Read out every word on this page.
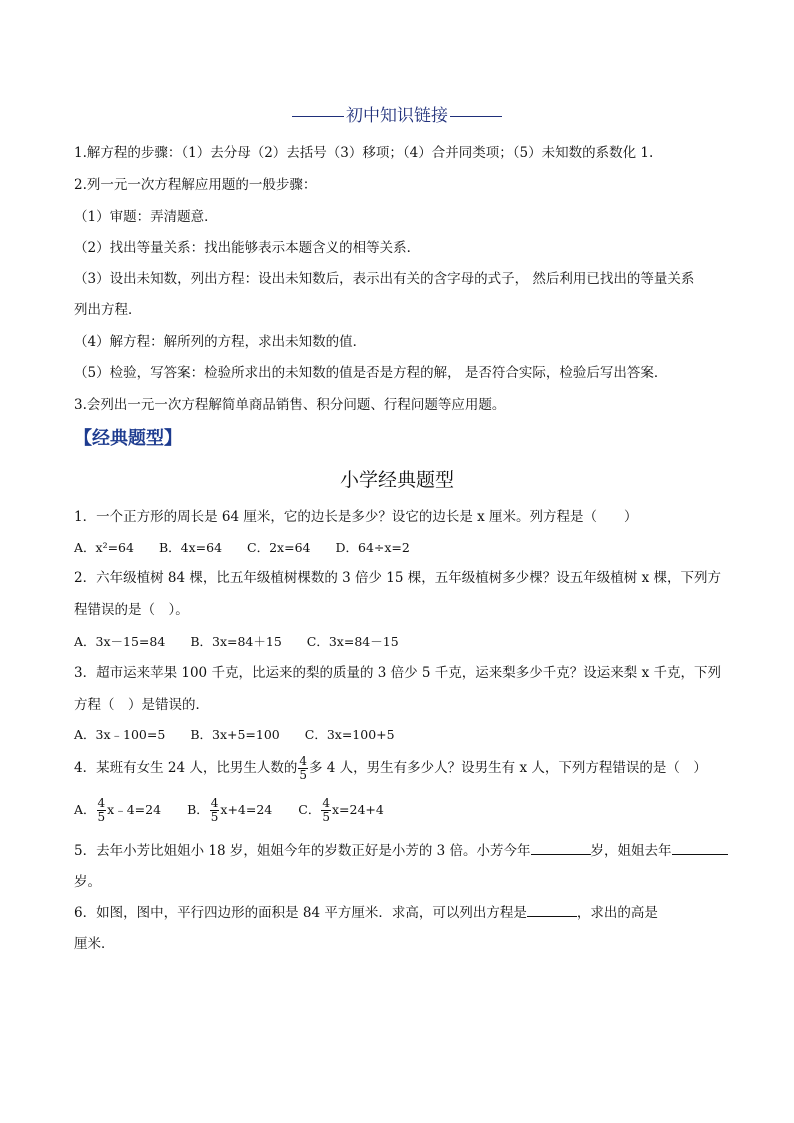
初中知识链接
1.解方程的步骤：（1）去分母（2）去括号（3）移项；（4）合并同类项；（5）未知数的系数化 1.
2.列一元一次方程解应用题的一般步骤：
（1）审题：弄清题意．
（2）找出等量关系：找出能够表示本题含义的相等关系．
（3）设出未知数，列出方程：设出未知数后，表示出有关的含字母的式子， 然后利用已找出的等量关系
列出方程．
（4）解方程：解所列的方程，求出未知数的值．
（5）检验，写答案：检验所求出的未知数的值是否是方程的解， 是否符合实际，检验后写出答案．
3.会列出一元一次方程解简单商品销售、积分问题、行程问题等应用题。
【经典题型】
小学经典题型
1．一个正方形的周长是 64 厘米，它的边长是多少？设它的边长是 x 厘米。列方程是（　　）
A．x²=64　　B．4x=64　　C．2x=64　　D．64÷x=2
2．六年级植树 84 棵，比五年级植树棵数的 3 倍少 15 棵，五年级植树多少棵？设五年级植树 x 棵，下列方
程错误的是（　）。
A．3x－15=84　　B．3x=84＋15　　C．3x=84－15
3．超市运来苹果 100 千克，比运来的梨的质量的 3 倍少 5 千克，运来梨多少千克？设运来梨 x 千克，下列
方程（　）是错误的．
A．3x﹣100=5　　B．3x+5=100　　C．3x=100+5
4．某班有女生 24 人，比男生人数的 $\frac{4}{5}$ 多 4 人，男生有多少人？设男生有 x 人，下列方程错误的是（　）
A． $\frac{4}{5}$ x﹣4=24 B． $\frac{4}{5} x+4=24$ C． $\frac{4}{5} x=24+4$
5．去年小芳比姐姐小 18 岁，姐姐今年的岁数正好是小芳的 3 倍。小芳今年	岁，姐姐去年
岁。
6．如图，图中，平行四边形的面积是 84 平方厘米．求高，可以列出方程是	，求出的高是
厘米．
